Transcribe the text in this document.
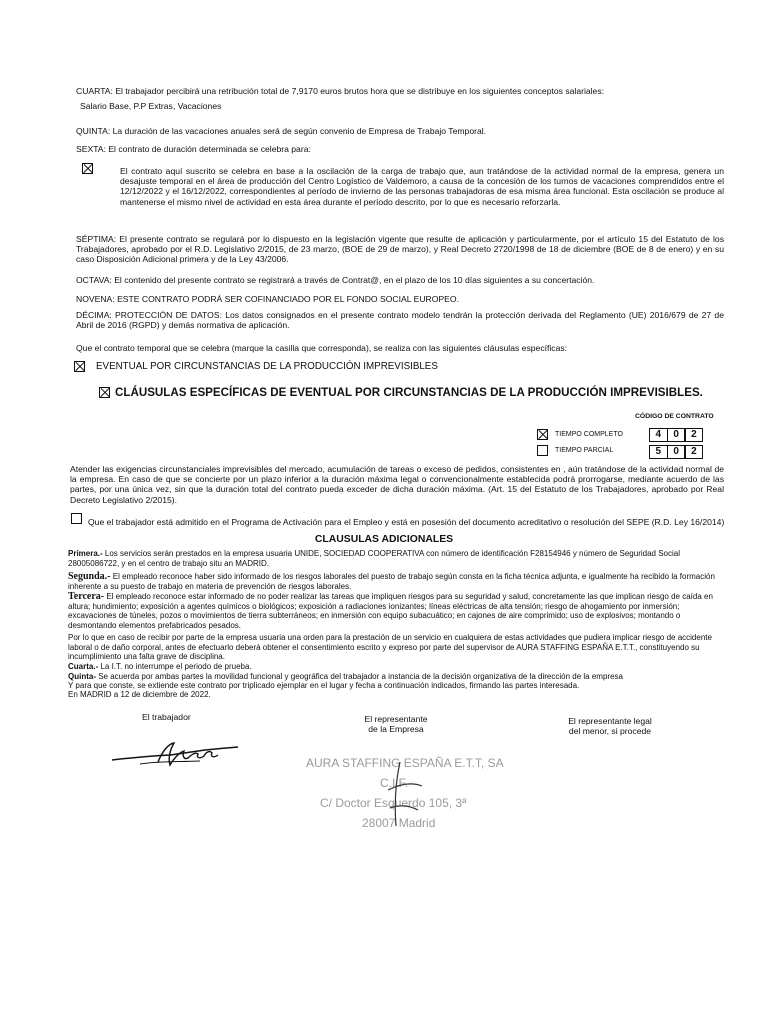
CUARTA: El trabajador percibirá una retribución total de 7,9170 euros brutos hora que se distribuye en los siguientes conceptos salariales:
Salario Base, P.P Extras, Vacaciones
QUINTA: La duración de las vacaciones anuales será de según convenio de Empresa de Trabajo Temporal.
SEXTA: El contrato de duración determinada se celebra para:
El contrato aquí suscrito se celebra en base a la oscilación de la carga de trabajo que, aun tratándose de la actividad normal de la empresa, genera un desajuste temporal en el área de producción del Centro Logístico de Valdemoro, a causa de la concesión de los turnos de vacaciones comprendidos entre el 12/12/2022 y el 16/12/2022, correspondientes al período de invierno de las personas trabajadoras de esa misma área funcional. Esta oscilación se produce al mantenerse el mismo nivel de actividad en esta área durante el período descrito, por lo que es necesario reforzarla.
SÉPTIMA: El presente contrato se regulará por lo dispuesto en la legislación vigente que resulte de aplicación y particularmente, por el artículo 15 del Estatuto de los Trabajadores, aprobado por el R.D. Legislativo 2/2015, de 23 marzo, (BOE de 29 de marzo), y Real Decreto 2720/1998 de 18 de diciembre (BOE de 8 de enero) y en su caso Disposición Adicional primera y de la Ley 43/2006.
OCTAVA: El contenido del presente contrato se registrará a través de Contrat@, en el plazo de los 10 días siguientes a su concertación.
NOVENA: ESTE CONTRATO PODRÁ SER COFINANCIADO POR EL FONDO SOCIAL EUROPEO.
DÉCIMA: PROTECCIÓN DE DATOS: Los datos consignados en el presente contrato modelo tendrán la protección derivada del Reglamento (UE) 2016/679 de 27 de Abril de 2016 (RGPD) y demás normativa de aplicación.
Que el contrato temporal que se celebra (marque la casilla que corresponda), se realiza con las siguientes cláusulas específicas:
EVENTUAL POR CIRCUNSTANCIAS DE LA PRODUCCIÓN IMPREVISIBLES
CLÁUSULAS ESPECÍFICAS DE EVENTUAL POR CIRCUNSTANCIAS DE LA PRODUCCIÓN IMPREVISIBLES.
CÓDIGO DE CONTRATO
TIEMPO COMPLETO	4	0	2
TIEMPO PARCIAL	5	0	2
Atender las exigencias circunstanciales imprevisibles del mercado, acumulación de tareas o exceso de pedidos, consistentes en , aún tratándose de la actividad normal de la empresa. En caso de que se concierte por un plazo inferior a la duración máxima legal o convencionalmente establecida podrá prorrogarse, mediante acuerdo de las partes, por una única vez, sin que la duración total del contrato pueda exceder de dicha duración máxima. (Art. 15 del Estatuto de los Trabajadores, aprobado por Real Decreto Legislativo 2/2015).
Que el trabajador está admitido en el Programa de Activación para el Empleo y está en posesión del documento acreditativo o resolución del SEPE (R.D. Ley 16/2014)
CLAUSULAS ADICIONALES
Primera.- Los servicios serán prestados en la empresa usuaria UNIDE, SOCIEDAD COOPERATIVA con número de identificación F28154946 y número de Seguridad Social 28005086722, y en el centro de trabajo situ an MADRID.
Segunda.- El empleado reconoce haber sido informado de los riesgos laborales del puesto de trabajo según consta en la ficha técnica adjunta, e igualmente ha recibido la formación inherente a su puesto de trabajo en materia de prevención de riesgos laborales.
Tercera- El empleado reconoce estar informado de no poder realizar las tareas que impliquen riesgos para su seguridad y salud, concretamente las que implican riesgo de caída en altura; hundimiento; exposición a agentes químicos o biológicos; exposición a radiaciones ionizantes; líneas eléctricas de alta tensión; riesgo de ahogamiento por inmersión; excavaciones de túneles, pozos o movimientos de tierra subterráneos; en inmersión con equipo subacuático; en cajones de aire comprimido; uso de explosivos; montando o desmontando elementos prefabricados pesados.
Por lo que en caso de recibir por parte de la empresa usuaria una orden para la prestación de un servicio en cualquiera de estas actividades que pudiera implicar riesgo de accidente laboral o de daño corporal, antes de efectuarlo deberá obtener el consentimiento escrito y expreso por parte del supervisor de AURA STAFFING ESPAÑA E.T.T., constituyendo su incumplimiento una falta grave de disciplina.
Cuarta.- La I.T. no interrumpe el periodo de prueba.
Quinta- Se acuerda por ambas partes la movilidad funcional y geográfica del trabajador a instancia de la decisión organizativa de la dirección de la empresa
Y para que conste, se extiende este contrato por triplicado ejemplar en el lugar y fecha a continuación indicados, firmando las partes interesada.
En MADRID a 12 de diciembre de 2022.
El trabajador	El representante
de la Empresa
El representante legal
del menor, si procede
AURA STAFFING ESPAÑA E.T.T, SA
C.I.F.
C/ Doctor Esquerdo 105, 3ª
28007 Madrid
